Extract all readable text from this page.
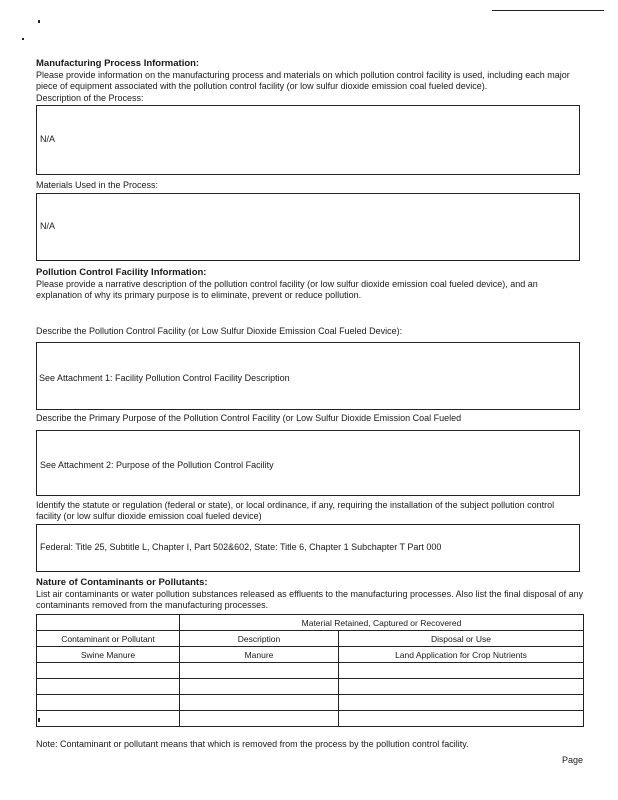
Manufacturing Process Information:
Please provide information on the manufacturing process and materials on which pollution control facility is used, including each major piece of equipment associated with the pollution control facility (or low sulfur dioxide emission coal fueled device).
Description of the Process:
N/A
Materials Used in the Process:
N/A
Pollution Control Facility Information:
Please provide a narrative description of the pollution control facility (or low sulfur dioxide emission coal fueled device), and an explanation of why its primary purpose is to eliminate, prevent or reduce pollution.
Describe the Pollution Control Facility (or Low Sulfur Dioxide Emission Coal Fueled Device):
See Attachment 1: Facility Pollution Control Facility Description
Describe the Primary Purpose of the Pollution Control Facility (or Low Sulfur Dioxide Emission Coal Fueled
See Attachment 2: Purpose of the Pollution Control Facility
Identify the statute or regulation (federal or state), or local ordinance, if any, requiring the installation of the subject pollution control facility (or low sulfur dioxide emission coal fueled device)
Federal: Title 25, Subtitle L, Chapter I, Part 502&602, State: Title 6, Chapter 1 Subchapter T Part 000
Nature of Contaminants or Pollutants:
List air contaminants or water pollution substances released as effluents to the manufacturing processes. Also list the final disposal of any contaminants removed from the manufacturing processes.
	Material Retained, Captured or Recovered	
Contaminant or Pollutant	Description	Disposal or Use
Swine Manure	Manure	Land Application for Crop Nutrients

Note: Contaminant or pollutant means that which is removed from the process by the pollution control facility.
Page
